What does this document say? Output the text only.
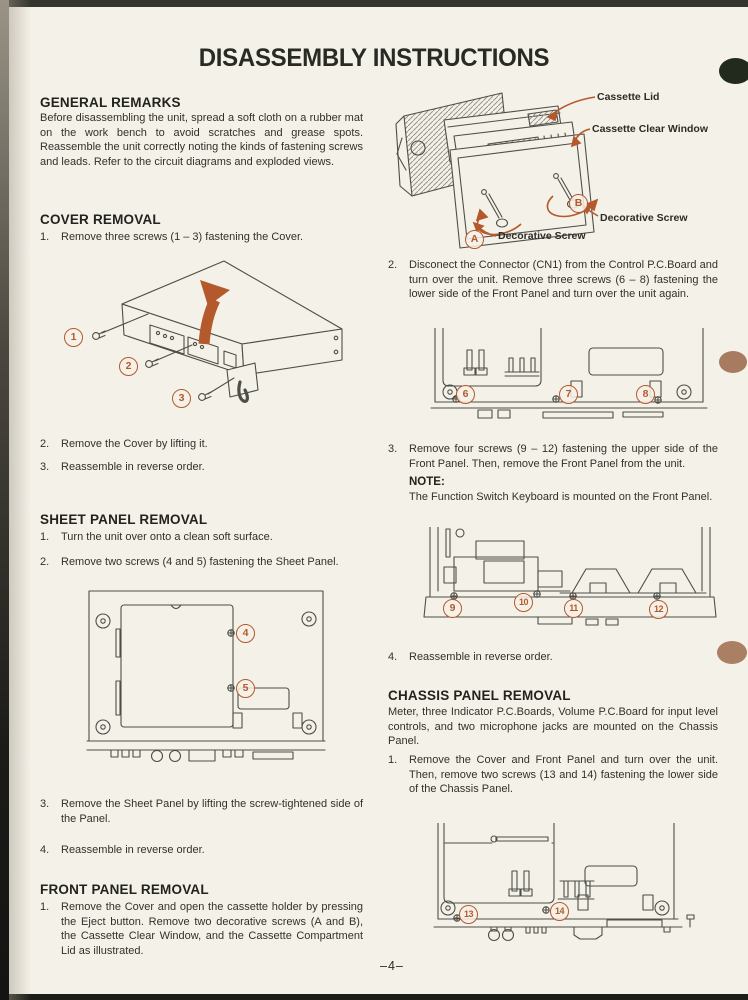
DISASSEMBLY INSTRUCTIONS
GENERAL REMARKS
Before disassembling the unit, spread a soft cloth on a rubber mat on the work bench to avoid scratches and grease spots. Reassemble the unit correctly noting the kinds of fastening screws and leads. Refer to the circuit diagrams and exploded views.
COVER REMOVAL
1.	Remove three screws (1 – 3) fastening the Cover.
1
2
3
2.	Remove the Cover by lifting it.
3.	Reassemble in reverse order.
SHEET PANEL REMOVAL
1.	Turn the unit over onto a clean soft surface.
2.	Remove two screws (4 and 5) fastening the Sheet Panel.
4
5
3.	Remove the Sheet Panel by lifting the screw-tightened side of the Panel.
4.	Reassemble in reverse order.
FRONT PANEL REMOVAL
1.	Remove the Cover and open the cassette holder by pressing the Eject button. Remove two decorative screws (A and B), the Cassette Clear Window, and the Cassette Compartment Lid as illustrated.
Cassette Lid
Cassette Clear Window
Decorative Screw
Decorative Screw
A
B
2.	Disconect the Connector (CN1) from the Control P.C.Board and turn over the unit. Remove three screws (6 – 8) fastening the lower side of the Front Panel and turn over the unit again.
6	7	8
3.	Remove four screws (9 – 12) fastening the upper side of the Front Panel. Then, remove the Front Panel from the unit.
NOTE:
The Function Switch Keyboard is mounted on the Front Panel.
9	10
11	12
4.	Reassemble in reverse order.
CHASSIS PANEL REMOVAL
Meter, three Indicator P.C.Boards, Volume P.C.Board for input level controls, and two microphone jacks are mounted on the Chassis Panel.
1.	Remove the Cover and Front Panel and turn over the unit. Then, remove two screws (13 and 14) fastening the lower side of the Chassis Panel.
13	14
–4–
